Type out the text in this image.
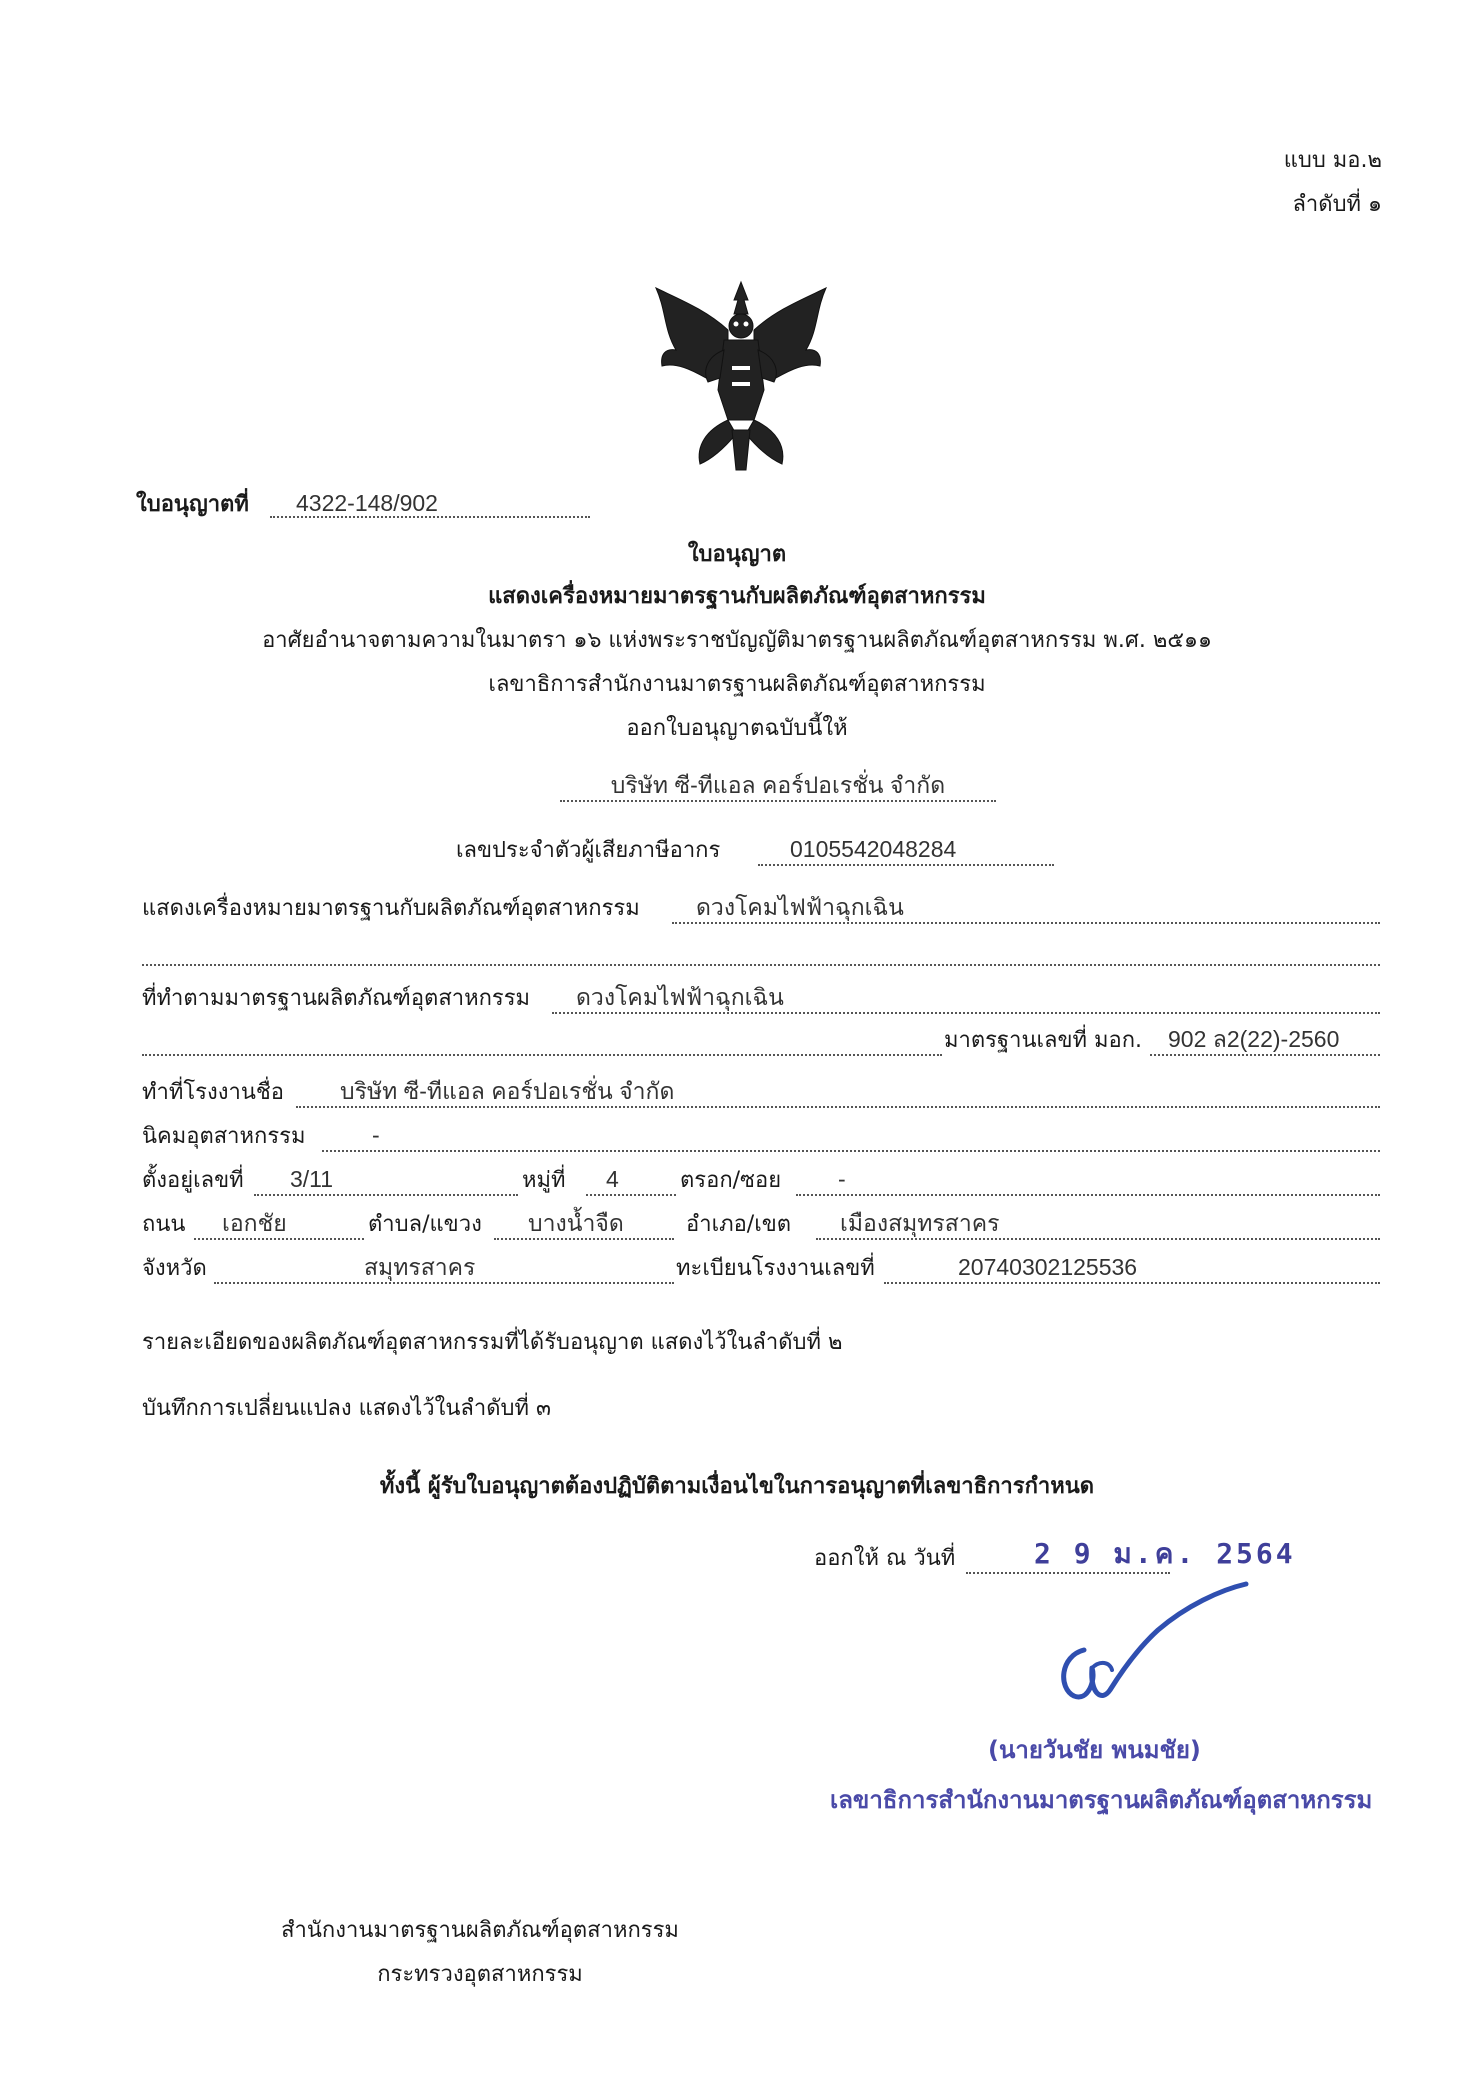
แบบ มอ.๒
ลำดับที่ ๑
ใบอนุญาตที่ 4322-148/902
ใบอนุญาต
แสดงเครื่องหมายมาตรฐานกับผลิตภัณฑ์อุตสาหกรรม
อาศัยอำนาจตามความในมาตรา ๑๖ แห่งพระราชบัญญัติมาตรฐานผลิตภัณฑ์อุตสาหกรรม พ.ศ. ๒๕๑๑
เลขาธิการสำนักงานมาตรฐานผลิตภัณฑ์อุตสาหกรรม
ออกใบอนุญาตฉบับนี้ให้
บริษัท ซี-ทีแอล คอร์ปอเรชั่น จำกัด
เลขประจำตัวผู้เสียภาษีอากร	0105542048284
แสดงเครื่องหมายมาตรฐานกับผลิตภัณฑ์อุตสาหกรรม ดวงโคมไฟฟ้าฉุกเฉิน
ที่ทำตามมาตรฐานผลิตภัณฑ์อุตสาหกรรม ดวงโคมไฟฟ้าฉุกเฉิน
มาตรฐานเลขที่ มอก. 902 ล2(22)-2560
ทำที่โรงงานชื่อ บริษัท ซี-ทีแอล คอร์ปอเรชั่น จำกัด
นิคมอุตสาหกรรม	-
ตั้งอยู่เลขที่ 3/11	หมู่ที่ 4	ตรอก/ซอย -
ถนน เอกชัย	ตำบล/แขวง บางน้ำจืด	อำเภอ/เขต เมืองสมุทรสาคร
จังหวัด	สมุทรสาคร	ทะเบียนโรงงานเลขที่	20740302125536
รายละเอียดของผลิตภัณฑ์อุตสาหกรรมที่ได้รับอนุญาต แสดงไว้ในลำดับที่ ๒
บันทึกการเปลี่ยนแปลง แสดงไว้ในลำดับที่ ๓
ทั้งนี้ ผู้รับใบอนุญาตต้องปฏิบัติตามเงื่อนไขในการอนุญาตที่เลขาธิการกำหนด
ออกให้ ณ วันที่	2 9 ม.ค. 2564
(นายวันชัย พนมชัย)
เลขาธิการสำนักงานมาตรฐานผลิตภัณฑ์อุตสาหกรรม
สำนักงานมาตรฐานผลิตภัณฑ์อุตสาหกรรม
กระทรวงอุตสาหกรรม
